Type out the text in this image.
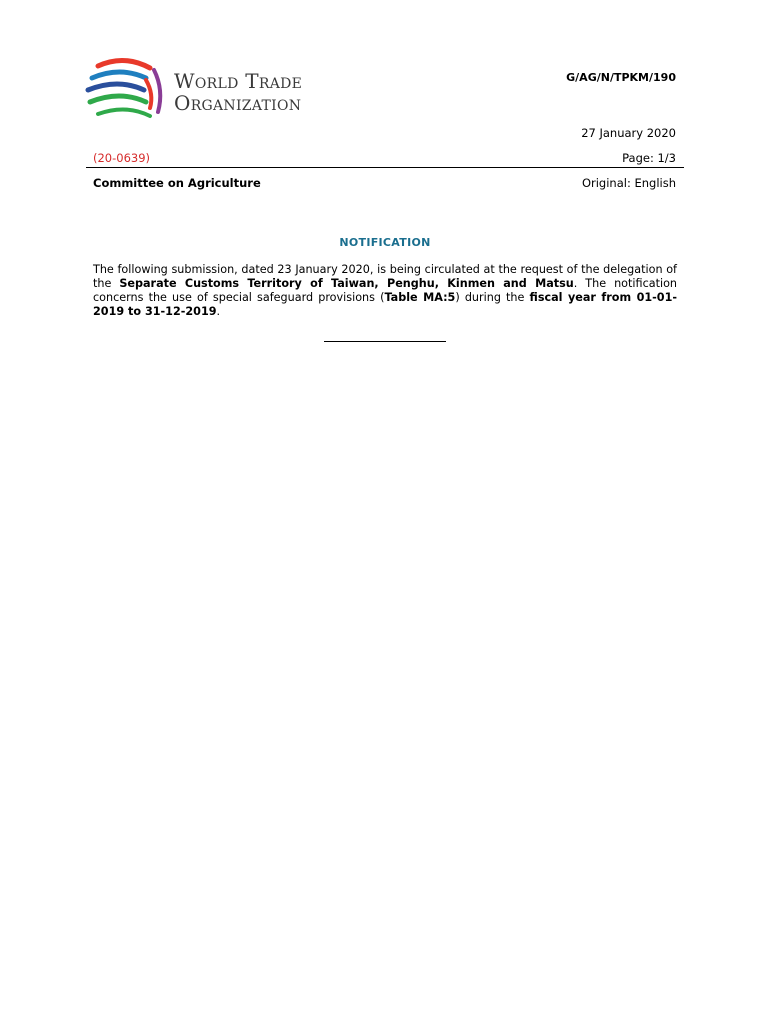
World Trade
Organization
G/AG/N/TPKM/190
27 January 2020
(20-0639)	Page: 1/3
Committee on Agriculture	Original: English
NOTIFICATION
The following submission, dated 23 January 2020, is being circulated at the request of the delegation of the Separate Customs Territory of Taiwan, Penghu, Kinmen and Matsu. The notification concerns the use of special safeguard provisions (Table MA:5) during the fiscal year from 01-01-2019 to 31-12-2019.
